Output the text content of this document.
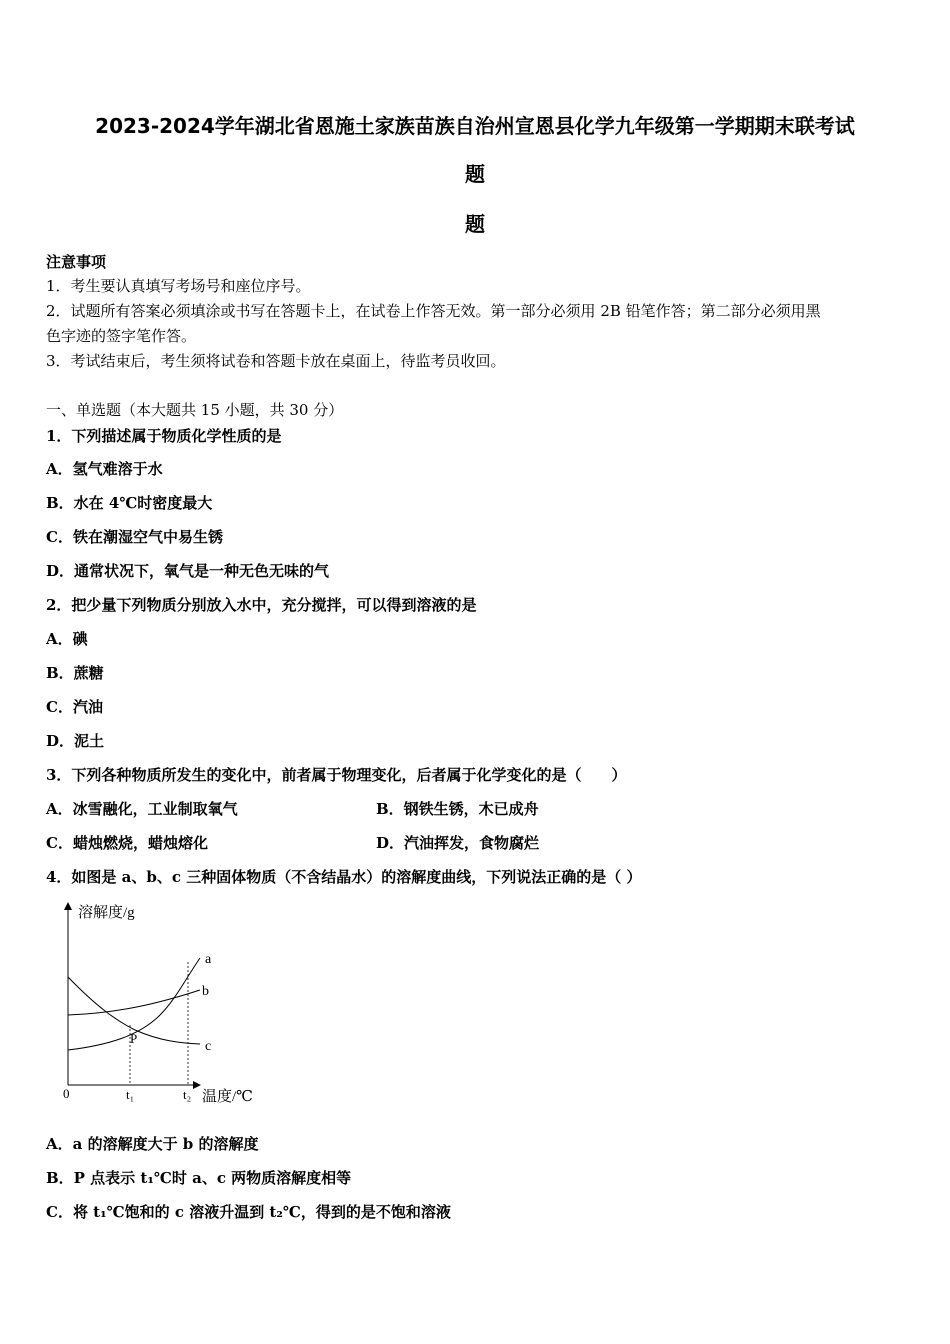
2023-2024学年湖北省恩施土家族苗族自治州宣恩县化学九年级第一学期期末联考试
题
题
注意事项
1．考生要认真填写考场号和座位序号。
2．试题所有答案必须填涂或书写在答题卡上，在试卷上作答无效。第一部分必须用 2B 铅笔作答；第二部分必须用黑
色字迹的签字笔作答。
3．考试结束后，考生须将试卷和答题卡放在桌面上，待监考员收回。
一、单选题（本大题共 15 小题，共 30 分）
1．下列描述属于物质化学性质的是
A．氢气难溶于水
B．水在 4℃时密度最大
C．铁在潮湿空气中易生锈
D．通常状况下，氧气是一种无色无味的气
2．把少量下列物质分别放入水中，充分搅拌，可以得到溶液的是
A．碘
B．蔗糖
C．汽油
D．泥土
3．下列各种物质所发生的变化中，前者属于物理变化，后者属于化学变化的是（　　）
A．冰雪融化，工业制取氧气	B．钢铁生锈，木已成舟
C．蜡烛燃烧，蜡烛熔化	D．汽油挥发，食物腐烂
4．如图是 a、b、c 三种固体物质（不含结晶水）的溶解度曲线，下列说法正确的是（ ）
溶解度/g
温度/℃
0	t₁	t₂
a
b
c
P
A．a 的溶解度大于 b 的溶解度
B．P 点表示 t₁℃时 a、c 两物质溶解度相等
C．将 t₁℃饱和的 c 溶液升温到 t₂℃，得到的是不饱和溶液
